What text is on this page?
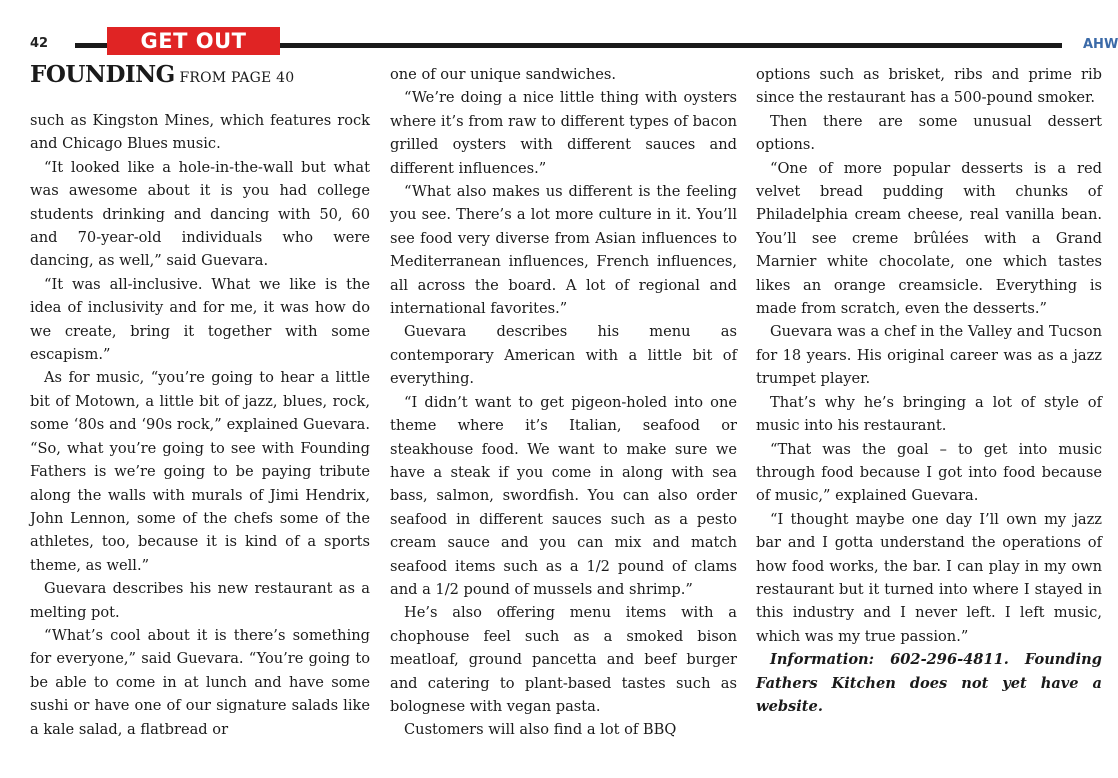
42	GET OUT	AHW
FOUNDING FROM PAGE 40

such as Kingston Mines, which features rock and Chicago Blues music.

“It looked like a hole-in-the-wall but what was awesome about it is you had college students drinking and dancing with 50, 60 and 70-year-old individuals who were dancing, as well,” said Guevara.

“It was all-inclusive. What we like is the idea of inclusivity and for me, it was how do we create, bring it together with some escapism.”

As for music, “you’re going to hear a little bit of Motown, a little bit of jazz, blues, rock, some ‘80s and ‘90s rock,” explained Guevara. “So, what you’re going to see with Founding Fathers is we’re going to be paying tribute along the walls with murals of Jimi Hendrix, John Lennon, some of the chefs some of the athletes, too, because it is kind of a sports theme, as well.”

Guevara describes his new restaurant as a melting pot.

“What’s cool about it is there’s something for everyone,” said Guevara. “You’re going to be able to come in at lunch and have some sushi or have one of our signature salads like a kale salad, a flatbread or

one of our unique sandwiches.

“We’re doing a nice little thing with oysters where it’s from raw to different types of bacon grilled oysters with different sauces and different influences.”

“What also makes us different is the feeling you see. There’s a lot more culture in it. You’ll see food very diverse from Asian influences to Mediterranean influences, French influences, all across the board. A lot of regional and international favorites.”

Guevara describes his menu as contemporary American with a little bit of everything.

“I didn’t want to get pigeon-holed into one theme where it’s Italian, seafood or steakhouse food. We want to make sure we have a steak if you come in along with sea bass, salmon, swordfish. You can also order seafood in different sauces such as a pesto cream sauce and you can mix and match seafood items such as a 1/2 pound of clams and a 1/2 pound of mussels and shrimp.”

He’s also offering menu items with a chophouse feel such as a smoked bison meatloaf, ground pancetta and beef burger and catering to plant-based tastes such as bolognese with vegan pasta.

Customers will also find a lot of BBQ

options such as brisket, ribs and prime rib since the restaurant has a 500-pound smoker.

Then there are some unusual dessert options.

“One of more popular desserts is a red velvet bread pudding with chunks of Philadelphia cream cheese, real vanilla bean. You’ll see creme brûlées with a Grand Marnier white chocolate, one which tastes likes an orange creamsicle. Everything is made from scratch, even the desserts.”

Guevara was a chef in the Valley and Tucson for 18 years. His original career was as a jazz trumpet player.

That’s why he’s bringing a lot of style of music into his restaurant.

“That was the goal – to get into music through food because I got into food because of music,” explained Guevara.

“I thought maybe one day I’ll own my jazz bar and I gotta understand the operations of how food works, the bar. I can play in my own restaurant but it turned into where I stayed in this industry and I never left. I left music, which was my true passion.”

Information: 602-296-4811. Founding Fathers Kitchen does not yet have a website.
